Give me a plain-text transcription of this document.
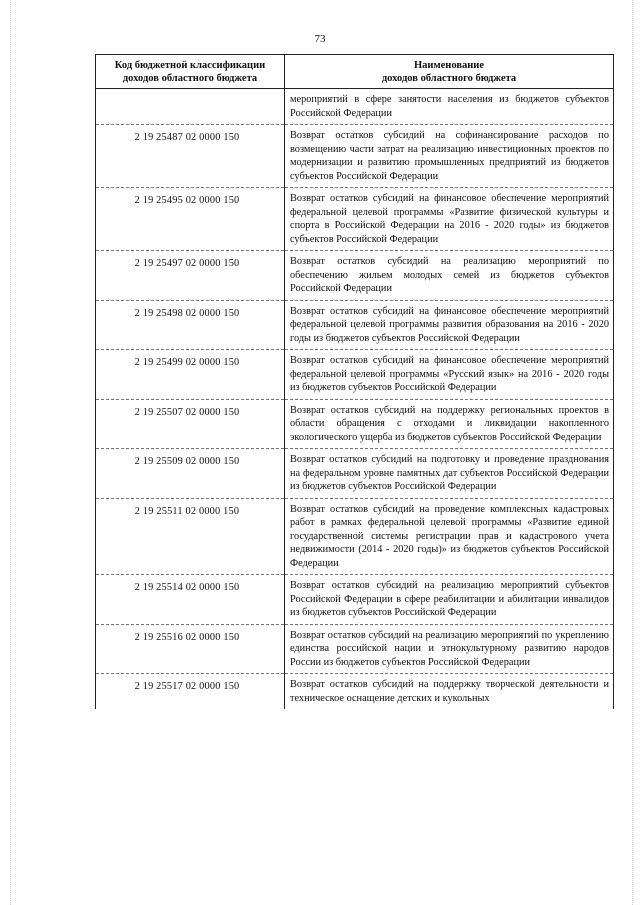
73
Код бюджетной классификации доходов областного бюджета	Наименование
доходов областного бюджета

	мероприятий в сфере занятости населения из бюджетов субъектов Российской Федерации
2 19 25487 02 0000 150	Возврат остатков субсидий на софинансирование расходов по возмещению части затрат на реализацию инвестиционных проектов по модернизации и развитию промышленных предприятий из бюджетов субъектов Российской Федерации
2 19 25495 02 0000 150	Возврат остатков субсидий на финансовое обеспечение мероприятий федеральной целевой программы «Развитие физической культуры и спорта в Российской Федерации на 2016 - 2020 годы» из бюджетов субъектов Российской Федерации
2 19 25497 02 0000 150	Возврат остатков субсидий на реализацию мероприятий по обеспечению жильем молодых семей из бюджетов субъектов Российской Федерации
2 19 25498 02 0000 150	Возврат остатков субсидий на финансовое обеспечение мероприятий федеральной целевой программы развития образования на 2016 - 2020 годы из бюджетов субъектов Российской Федерации
2 19 25499 02 0000 150	Возврат остатков субсидий на финансовое обеспечение мероприятий федеральной целевой программы «Русский язык» на 2016 - 2020 годы из бюджетов субъектов Российской Федерации
2 19 25507 02 0000 150	Возврат остатков субсидий на поддержку региональных проектов в области обращения с отходами и ликвидации накопленного экологического ущерба из бюджетов субъектов Российской Федерации
2 19 25509 02 0000 150	Возврат остатков субсидий на подготовку и проведение празднования на федеральном уровне памятных дат субъектов Российской Федерации из бюджетов субъектов Российской Федерации
2 19 25511 02 0000 150	Возврат остатков субсидий на проведение комплексных кадастровых работ в рамках федеральной целевой программы «Развитие единой государственной системы регистрации прав и кадастрового учета недвижимости (2014 - 2020 годы)» из бюджетов субъектов Российской Федерации
2 19 25514 02 0000 150	Возврат остатков субсидий на реализацию мероприятий субъектов Российской Федерации в сфере реабилитации и абилитации инвалидов из бюджетов субъектов Российской Федерации
2 19 25516 02 0000 150	Возврат остатков субсидий на реализацию мероприятий по укреплению единства российской нации и этнокультурному развитию народов России из бюджетов субъектов Российской Федерации
2 19 25517 02 0000 150	Возврат остатков субсидий на поддержку творческой деятельности и техническое оснащение детских и кукольных
